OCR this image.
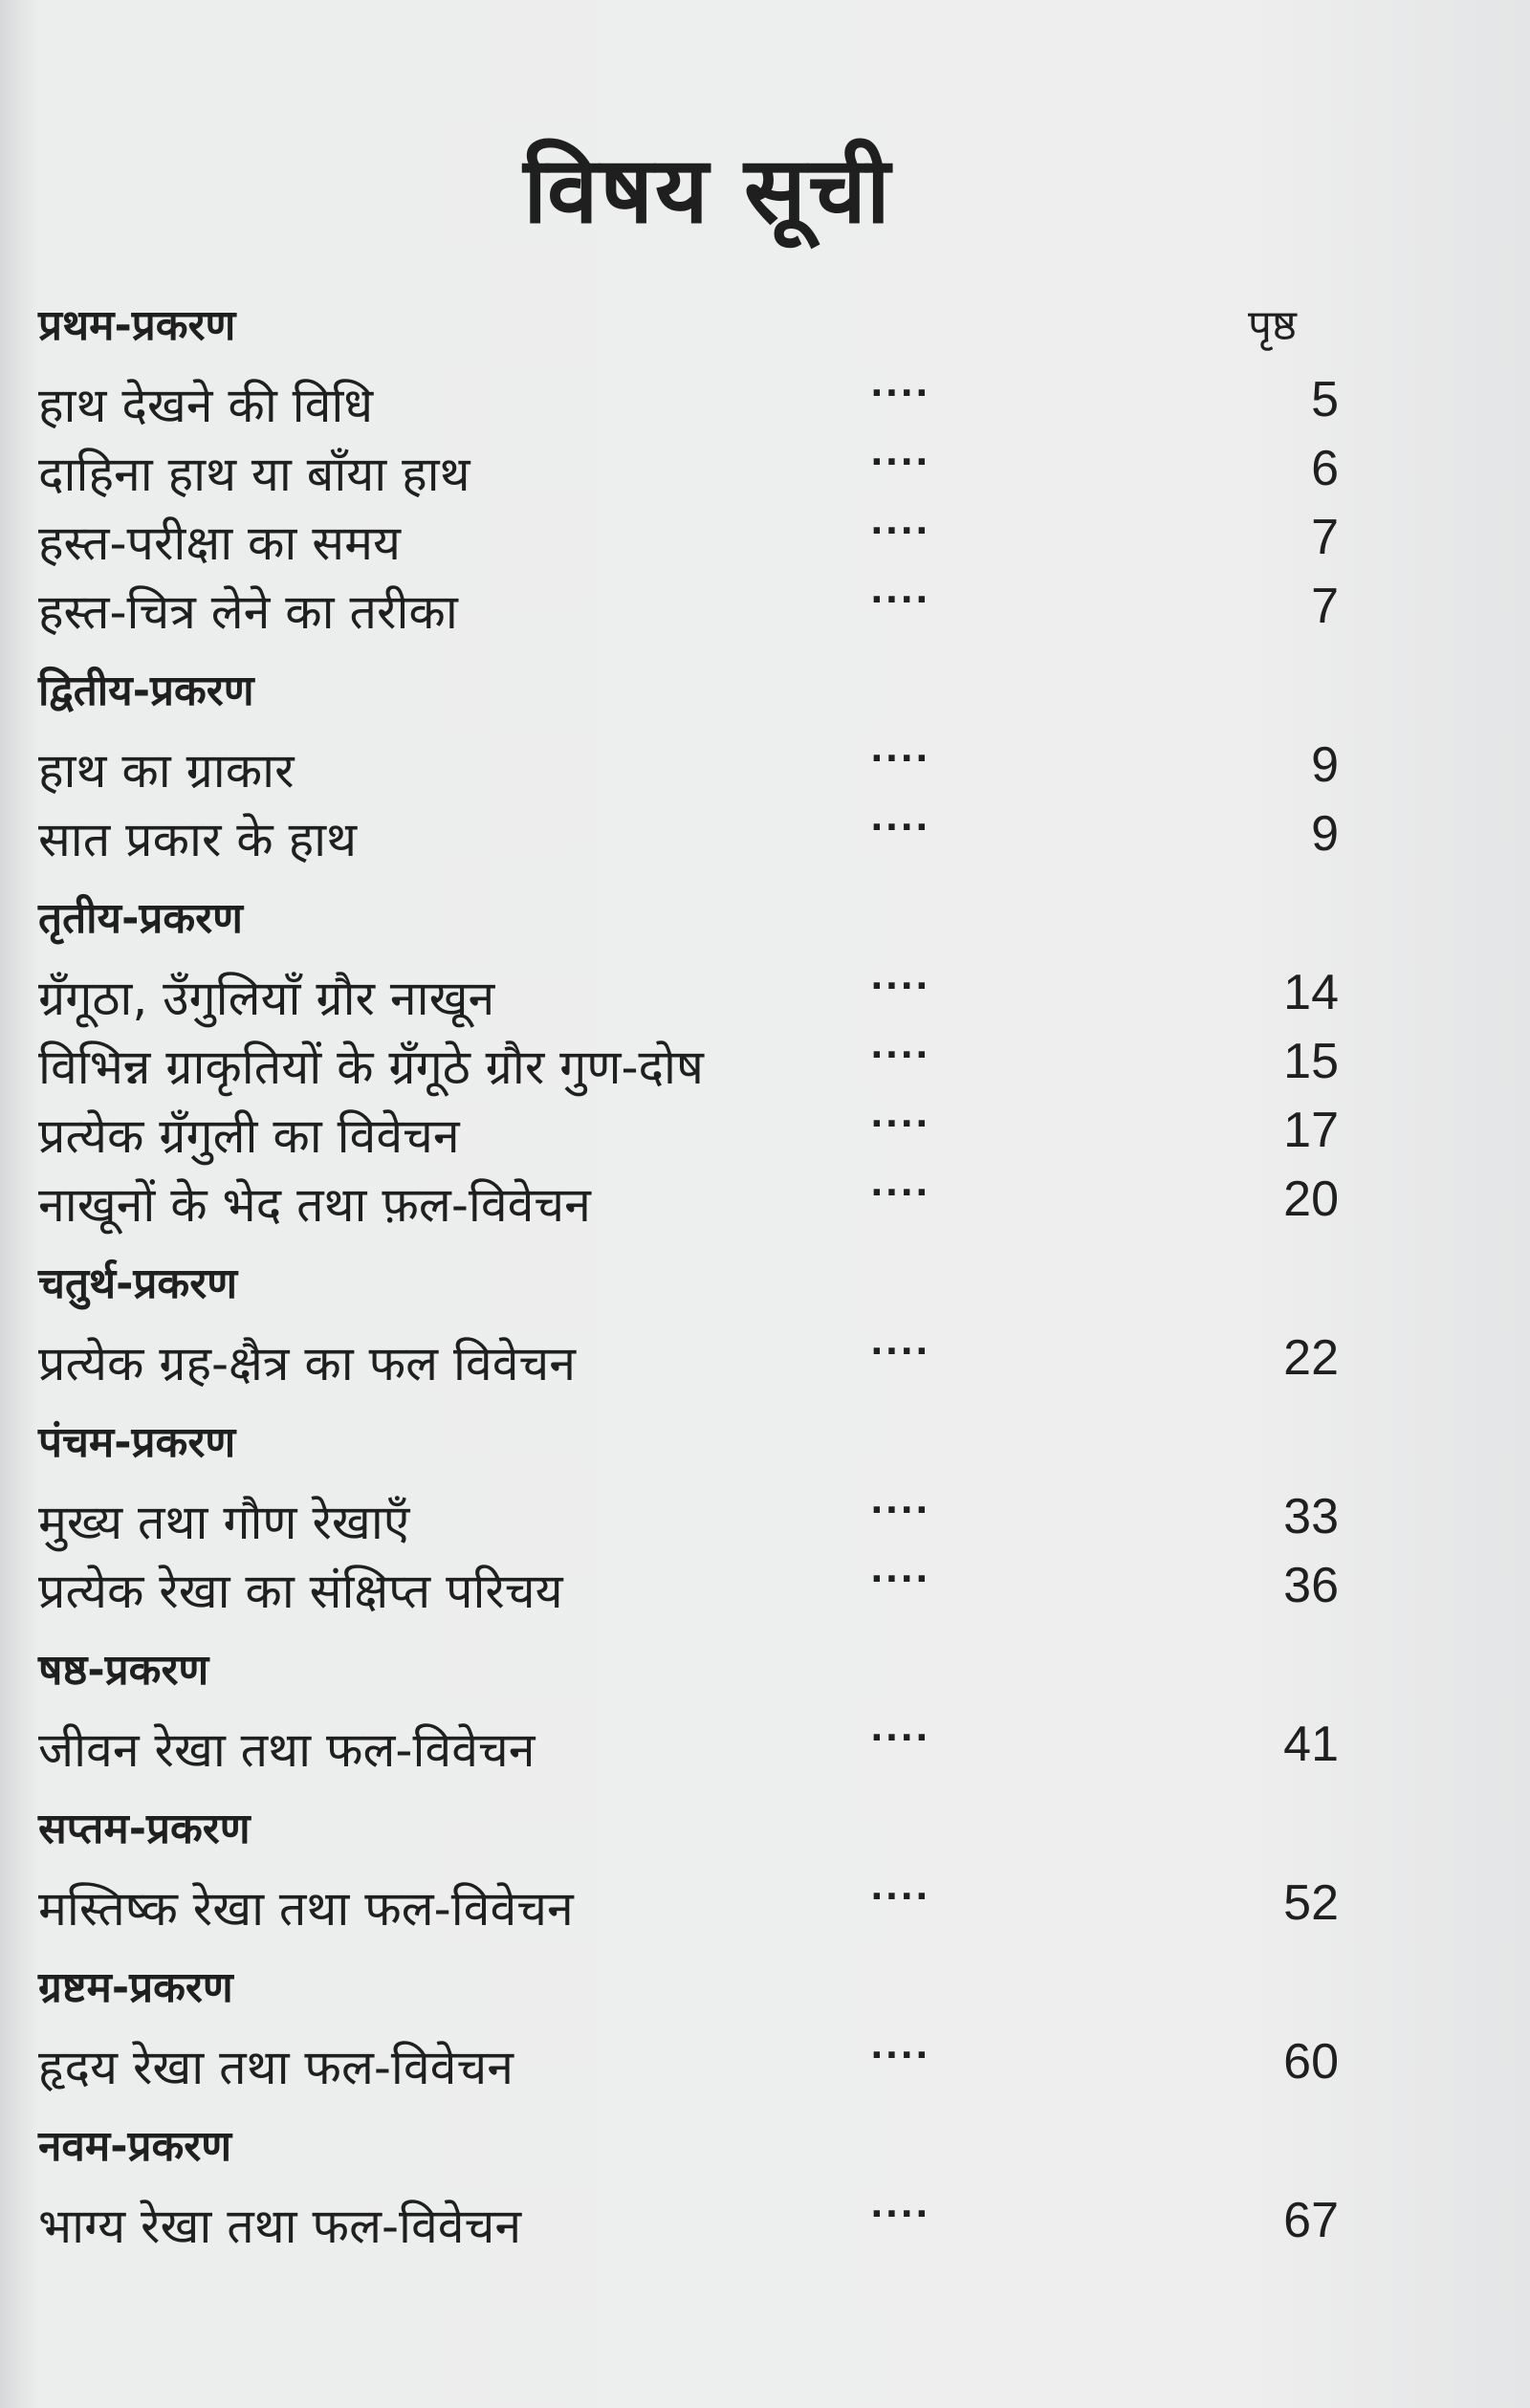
विषय सूची
प्रथम-प्रकरण	पृष्ठ
हाथ देखने की विधि	....	5
दाहिना हाथ या बाँया हाथ	....	6
हस्त-परीक्षा का समय	....	7
हस्त-चित्र लेने का तरीका	....	7
द्वितीय-प्रकरण
हाथ का ग्राकार	....	9
सात प्रकार के हाथ	....	9
तृतीय-प्रकरण
ग्रँगूठा, उँगुलियाँ ग्रौर नाखून	....	14
विभिन्न ग्राकृतियों के ग्रँगूठे ग्रौर गुण-दोष	....	15
प्रत्येक ग्रँगुली का विवेचन	....	17
नाखूनों के भेद तथा फ़ल-विवेचन	....	20
चतुर्थ-प्रकरण
प्रत्येक ग्रह-क्षैत्र का फल विवेचन	....	22
पंचम-प्रकरण
मुख्य तथा गौण रेखाएँ	....	33
प्रत्येक रेखा का संक्षिप्त परिचय	....	36
षष्ठ-प्रकरण
जीवन रेखा तथा फल-विवेचन	....	41
सप्तम-प्रकरण
मस्तिष्क रेखा तथा फल-विवेचन	....	52
ग्रष्टम-प्रकरण
हृदय रेखा तथा फल-विवेचन	....	60
नवम-प्रकरण
भाग्य रेखा तथा फल-विवेचन	....	67
